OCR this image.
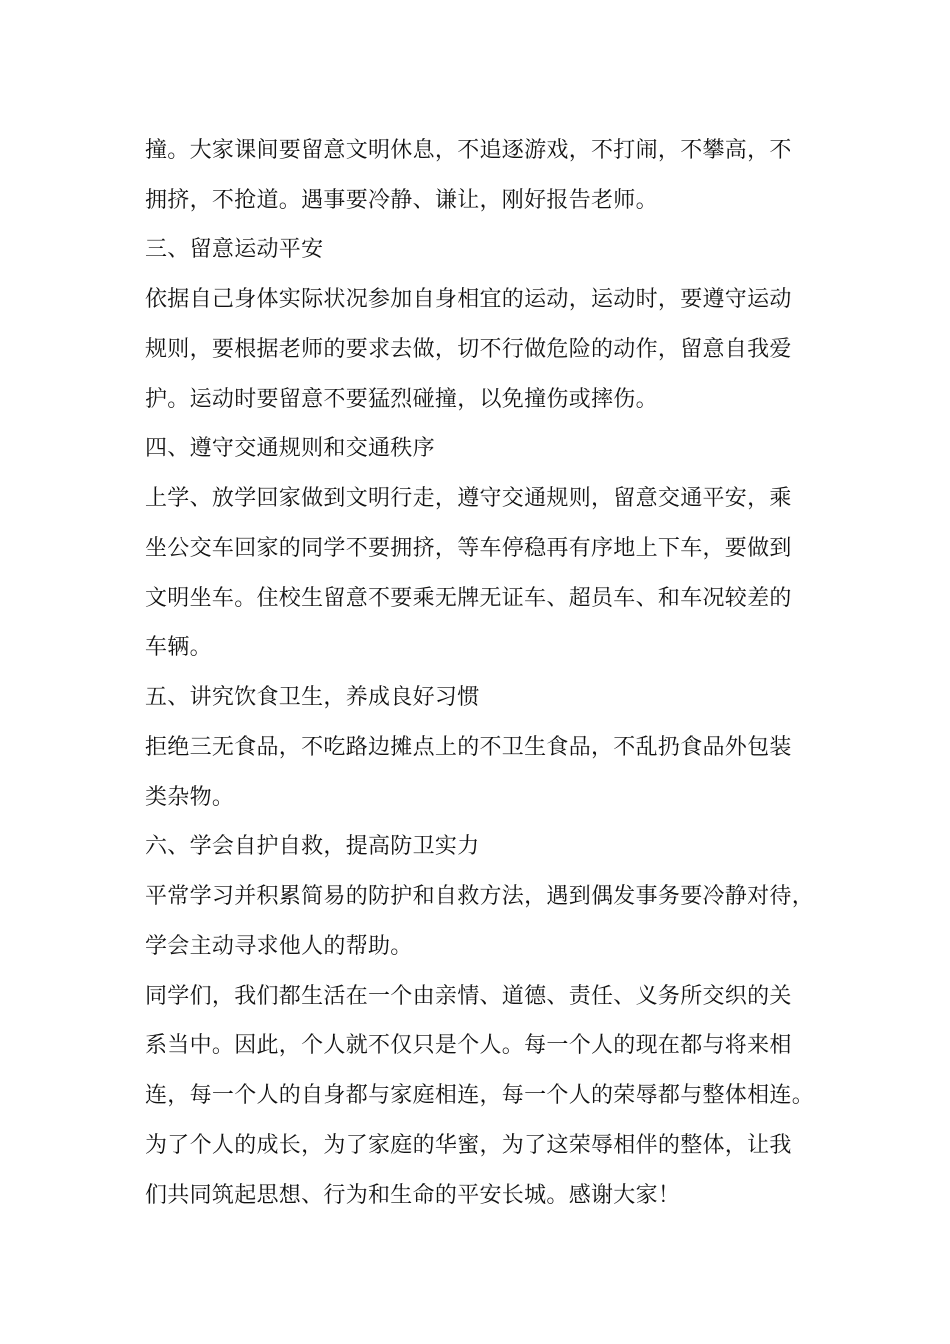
撞。大家课间要留意文明休息，不追逐游戏，不打闹，不攀高，不
拥挤，不抢道。遇事要冷静、谦让，刚好报告老师。
三、留意运动平安
依据自己身体实际状况参加自身相宜的运动，运动时，要遵守运动
规则，要根据老师的要求去做，切不行做危险的动作，留意自我爱
护。运动时要留意不要猛烈碰撞，以免撞伤或摔伤。
四、遵守交通规则和交通秩序
上学、放学回家做到文明行走，遵守交通规则，留意交通平安，乘
坐公交车回家的同学不要拥挤，等车停稳再有序地上下车，要做到
文明坐车。住校生留意不要乘无牌无证车、超员车、和车况较差的
车辆。
五、讲究饮食卫生，养成良好习惯
拒绝三无食品，不吃路边摊点上的不卫生食品，不乱扔食品外包装
类杂物。
六、学会自护自救，提高防卫实力
平常学习并积累简易的防护和自救方法，遇到偶发事务要冷静对待，
学会主动寻求他人的帮助。
同学们，我们都生活在一个由亲情、道德、责任、义务所交织的关
系当中。因此，个人就不仅只是个人。每一个人的现在都与将来相
连，每一个人的自身都与家庭相连，每一个人的荣辱都与整体相连。
为了个人的成长，为了家庭的华蜜，为了这荣辱相伴的整体，让我
们共同筑起思想、行为和生命的平安长城。感谢大家！
